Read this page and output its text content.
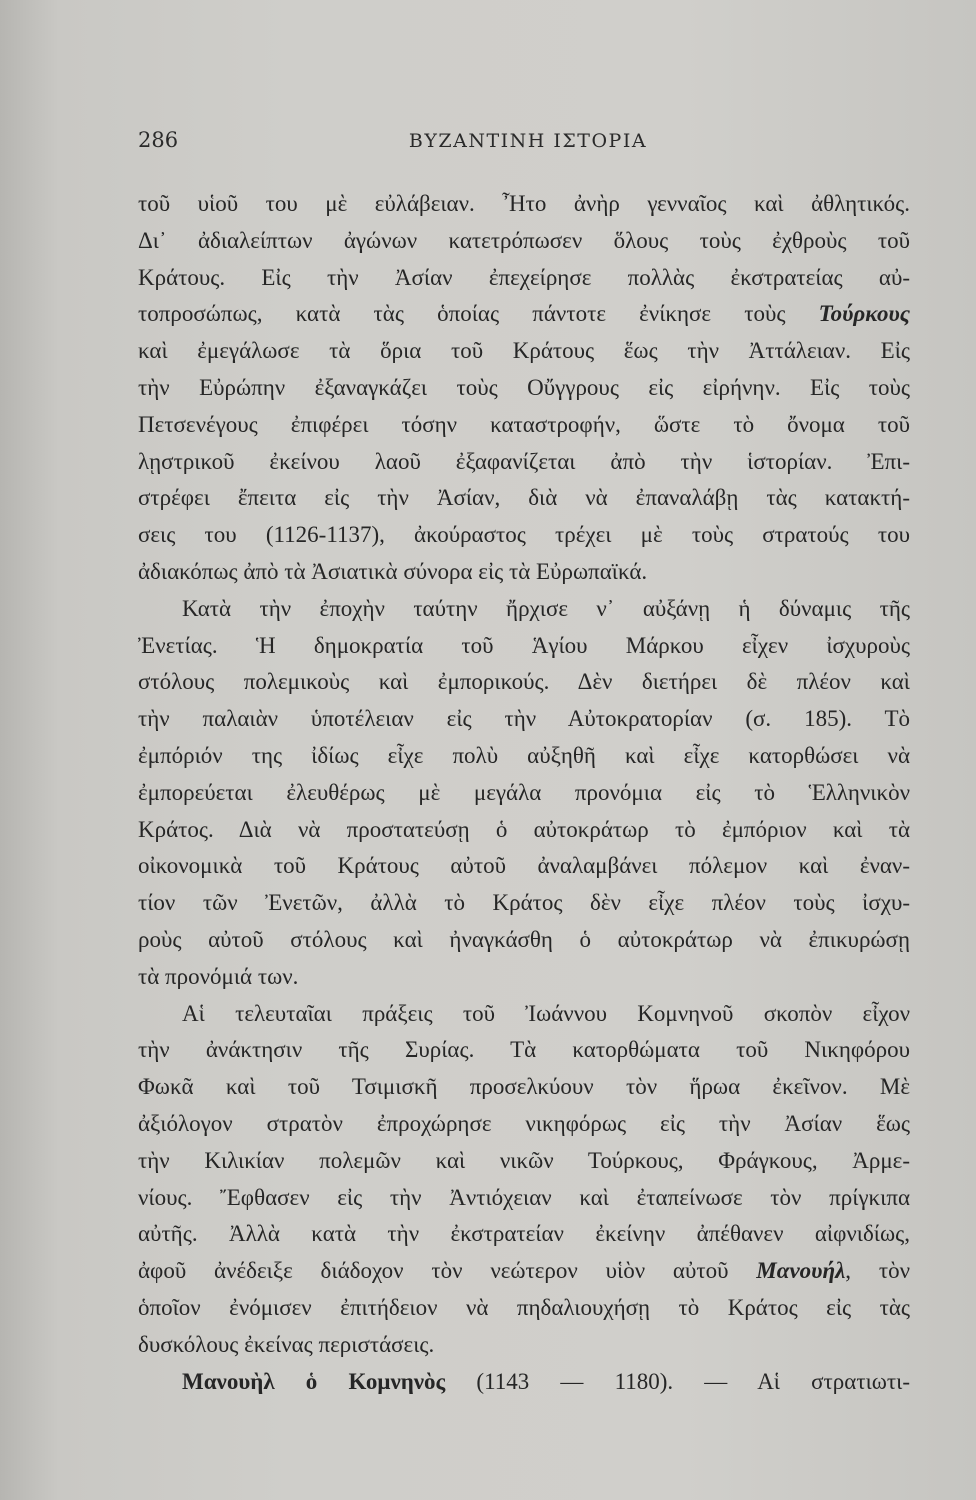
286	ΒΥΖΑΝΤΙΝΗ ΙΣΤΟΡΙΑ
τοῦ υἱοῦ του μὲ εὐλάβειαν. Ἦτο ἀνὴρ γενναῖος καὶ ἀθλητικός.
Δι᾿ ἀδιαλείπτων ἀγώνων κατετρόπωσεν ὅλους τοὺς ἐχθροὺς τοῦ
Κράτους. Εἰς τὴν Ἀσίαν ἐπεχείρησε πολλὰς ἐκστρατείας αὐ-
τοπροσώπως, κατὰ τὰς ὁποίας πάντοτε ἐνίκησε τοὺς Τούρκους
καὶ ἐμεγάλωσε τὰ ὅρια τοῦ Κράτους ἕως τὴν Ἀττάλειαν. Εἰς
τὴν Εὐρώπην ἐξαναγκάζει τοὺς Οὔγγρους εἰς εἰρήνην. Εἰς τοὺς
Πετσενέγους ἐπιφέρει τόσην καταστροφήν, ὥστε τὸ ὄνομα τοῦ
λῃστρικοῦ ἐκείνου λαοῦ ἐξαφανίζεται ἀπὸ τὴν ἱστορίαν. Ἐπι-
στρέφει ἔπειτα εἰς τὴν Ἀσίαν, διὰ νὰ ἐπαναλάβῃ τὰς κατακτή-
σεις του (1126-1137), ἀκούραστος τρέχει μὲ τοὺς στρατούς του
ἀδιακόπως ἀπὸ τὰ Ἀσιατικὰ σύνορα εἰς τὰ Εὐρωπαϊκά.
Κατὰ τὴν ἐποχὴν ταύτην ἤρχισε ν᾿ αὐξάνῃ ἡ δύναμις τῆς
Ἐνετίας. Ἡ δημοκρατία τοῦ Ἁγίου Μάρκου εἶχεν ἰσχυροὺς
στόλους πολεμικοὺς καὶ ἐμπορικούς. Δὲν διετήρει δὲ πλέον καὶ
τὴν παλαιὰν ὑποτέλειαν εἰς τὴν Αὐτοκρατορίαν (σ. 185). Τὸ
ἐμπόριόν της ἰδίως εἶχε πολὺ αὐξηθῆ καὶ εἶχε κατορθώσει νὰ
ἐμπορεύεται ἐλευθέρως μὲ μεγάλα προνόμια εἰς τὸ Ἑλληνικὸν
Κράτος. Διὰ νὰ προστατεύσῃ ὁ αὐτοκράτωρ τὸ ἐμπόριον καὶ τὰ
οἰκονομικὰ τοῦ Κράτους αὐτοῦ ἀναλαμβάνει πόλεμον καὶ ἐναν-
τίον τῶν Ἐνετῶν, ἀλλὰ τὸ Κράτος δὲν εἶχε πλέον τοὺς ἰσχυ-
ροὺς αὐτοῦ στόλους καὶ ἠναγκάσθη ὁ αὐτοκράτωρ νὰ ἐπικυρώσῃ
τὰ προνόμιά των.
Αἱ τελευταῖαι πράξεις τοῦ Ἰωάννου Κομνηνοῦ σκοπὸν εἶχον
τὴν ἀνάκτησιν τῆς Συρίας. Τὰ κατορθώματα τοῦ Νικηφόρου
Φωκᾶ καὶ τοῦ Τσιμισκῆ προσελκύουν τὸν ἥρωα ἐκεῖνον. Μὲ
ἀξιόλογον στρατὸν ἐπροχώρησε νικηφόρως εἰς τὴν Ἀσίαν ἕως
τὴν Κιλικίαν πολεμῶν καὶ νικῶν Τούρκους, Φράγκους, Ἀρμε-
νίους. Ἔφθασεν εἰς τὴν Ἀντιόχειαν καὶ ἐταπείνωσε τὸν πρίγκιπα
αὐτῆς. Ἀλλὰ κατὰ τὴν ἐκστρατείαν ἐκείνην ἀπέθανεν αἰφνιδίως,
ἀφοῦ ἀνέδειξε διάδοχον τὸν νεώτερον υἱὸν αὐτοῦ Μανουήλ, τὸν
ὁποῖον ἐνόμισεν ἐπιτήδειον νὰ πηδαλιουχήσῃ τὸ Κράτος εἰς τὰς
δυσκόλους ἐκείνας περιστάσεις.
Μανουὴλ ὁ Κομνηνὸς (1143 — 1180). — Αἱ στρατιωτι-
